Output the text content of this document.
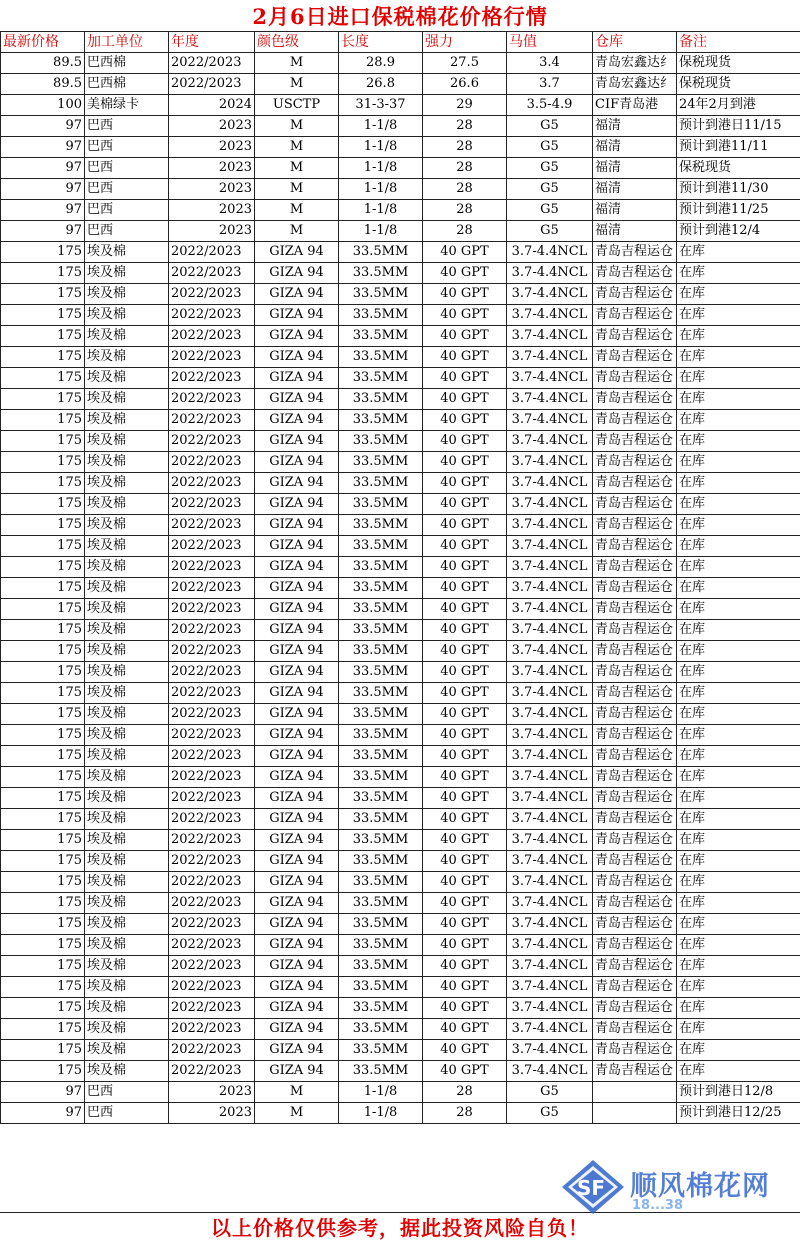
2月6日进口保税棉花价格行情
最新价格	加工单位	年度	颜色级	长度	强力	马值	仓库	备注
89.5	巴西棉	2022/2023	M	28.9	27.5	3.4	青岛宏鑫达纟	保税现货
89.5	巴西棉	2022/2023	M	26.8	26.6	3.7	青岛宏鑫达纟	保税现货
100	美棉绿卡	2024	USCTP	31-3-37	29	3.5-4.9	CIF青岛港	24年2月到港
97	巴西	2023	M	1-1/8	28	G5	福清	预计到港日11/15
97	巴西	2023	M	1-1/8	28	G5	福清	预计到港11/11
97	巴西	2023	M	1-1/8	28	G5	福清	保税现货
97	巴西	2023	M	1-1/8	28	G5	福清	预计到港11/30
97	巴西	2023	M	1-1/8	28	G5	福清	预计到港11/25
97	巴西	2023	M	1-1/8	28	G5	福清	预计到港12/4
175	埃及棉	2022/2023	GIZA 94	33.5MM	40 GPT	3.7-4.4NCL	青岛吉程运仓	在库
175	埃及棉	2022/2023	GIZA 94	33.5MM	40 GPT	3.7-4.4NCL	青岛吉程运仓	在库
175	埃及棉	2022/2023	GIZA 94	33.5MM	40 GPT	3.7-4.4NCL	青岛吉程运仓	在库
175	埃及棉	2022/2023	GIZA 94	33.5MM	40 GPT	3.7-4.4NCL	青岛吉程运仓	在库
175	埃及棉	2022/2023	GIZA 94	33.5MM	40 GPT	3.7-4.4NCL	青岛吉程运仓	在库
175	埃及棉	2022/2023	GIZA 94	33.5MM	40 GPT	3.7-4.4NCL	青岛吉程运仓	在库
175	埃及棉	2022/2023	GIZA 94	33.5MM	40 GPT	3.7-4.4NCL	青岛吉程运仓	在库
175	埃及棉	2022/2023	GIZA 94	33.5MM	40 GPT	3.7-4.4NCL	青岛吉程运仓	在库
175	埃及棉	2022/2023	GIZA 94	33.5MM	40 GPT	3.7-4.4NCL	青岛吉程运仓	在库
175	埃及棉	2022/2023	GIZA 94	33.5MM	40 GPT	3.7-4.4NCL	青岛吉程运仓	在库
175	埃及棉	2022/2023	GIZA 94	33.5MM	40 GPT	3.7-4.4NCL	青岛吉程运仓	在库
175	埃及棉	2022/2023	GIZA 94	33.5MM	40 GPT	3.7-4.4NCL	青岛吉程运仓	在库
175	埃及棉	2022/2023	GIZA 94	33.5MM	40 GPT	3.7-4.4NCL	青岛吉程运仓	在库
175	埃及棉	2022/2023	GIZA 94	33.5MM	40 GPT	3.7-4.4NCL	青岛吉程运仓	在库
175	埃及棉	2022/2023	GIZA 94	33.5MM	40 GPT	3.7-4.4NCL	青岛吉程运仓	在库
175	埃及棉	2022/2023	GIZA 94	33.5MM	40 GPT	3.7-4.4NCL	青岛吉程运仓	在库
175	埃及棉	2022/2023	GIZA 94	33.5MM	40 GPT	3.7-4.4NCL	青岛吉程运仓	在库
175	埃及棉	2022/2023	GIZA 94	33.5MM	40 GPT	3.7-4.4NCL	青岛吉程运仓	在库
175	埃及棉	2022/2023	GIZA 94	33.5MM	40 GPT	3.7-4.4NCL	青岛吉程运仓	在库
175	埃及棉	2022/2023	GIZA 94	33.5MM	40 GPT	3.7-4.4NCL	青岛吉程运仓	在库
175	埃及棉	2022/2023	GIZA 94	33.5MM	40 GPT	3.7-4.4NCL	青岛吉程运仓	在库
175	埃及棉	2022/2023	GIZA 94	33.5MM	40 GPT	3.7-4.4NCL	青岛吉程运仓	在库
175	埃及棉	2022/2023	GIZA 94	33.5MM	40 GPT	3.7-4.4NCL	青岛吉程运仓	在库
175	埃及棉	2022/2023	GIZA 94	33.5MM	40 GPT	3.7-4.4NCL	青岛吉程运仓	在库
175	埃及棉	2022/2023	GIZA 94	33.5MM	40 GPT	3.7-4.4NCL	青岛吉程运仓	在库
175	埃及棉	2022/2023	GIZA 94	33.5MM	40 GPT	3.7-4.4NCL	青岛吉程运仓	在库
175	埃及棉	2022/2023	GIZA 94	33.5MM	40 GPT	3.7-4.4NCL	青岛吉程运仓	在库
175	埃及棉	2022/2023	GIZA 94	33.5MM	40 GPT	3.7-4.4NCL	青岛吉程运仓	在库
175	埃及棉	2022/2023	GIZA 94	33.5MM	40 GPT	3.7-4.4NCL	青岛吉程运仓	在库
175	埃及棉	2022/2023	GIZA 94	33.5MM	40 GPT	3.7-4.4NCL	青岛吉程运仓	在库
175	埃及棉	2022/2023	GIZA 94	33.5MM	40 GPT	3.7-4.4NCL	青岛吉程运仓	在库
175	埃及棉	2022/2023	GIZA 94	33.5MM	40 GPT	3.7-4.4NCL	青岛吉程运仓	在库
175	埃及棉	2022/2023	GIZA 94	33.5MM	40 GPT	3.7-4.4NCL	青岛吉程运仓	在库
175	埃及棉	2022/2023	GIZA 94	33.5MM	40 GPT	3.7-4.4NCL	青岛吉程运仓	在库
175	埃及棉	2022/2023	GIZA 94	33.5MM	40 GPT	3.7-4.4NCL	青岛吉程运仓	在库
175	埃及棉	2022/2023	GIZA 94	33.5MM	40 GPT	3.7-4.4NCL	青岛吉程运仓	在库
175	埃及棉	2022/2023	GIZA 94	33.5MM	40 GPT	3.7-4.4NCL	青岛吉程运仓	在库
175	埃及棉	2022/2023	GIZA 94	33.5MM	40 GPT	3.7-4.4NCL	青岛吉程运仓	在库
175	埃及棉	2022/2023	GIZA 94	33.5MM	40 GPT	3.7-4.4NCL	青岛吉程运仓	在库
175	埃及棉	2022/2023	GIZA 94	33.5MM	40 GPT	3.7-4.4NCL	青岛吉程运仓	在库
97	巴西	2023	M	1-1/8	28	G5		预计到港日12/8
97	巴西	2023	M	1-1/8	28	G5		预计到港日12/25
以上价格仅供参考，据此投资风险自负！
SF 顺风棉花网
18...38
